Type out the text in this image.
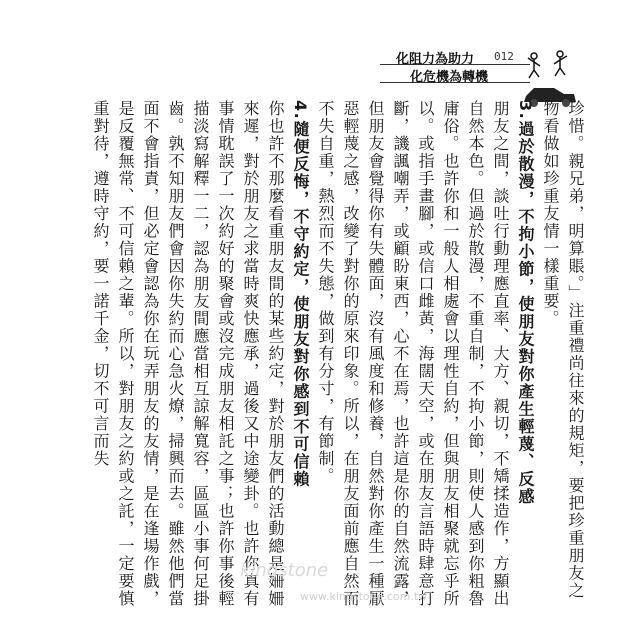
化阻力為助力 012
化危機為轉機

珍惜。親兄弟，明算賬。」注重禮尚往來的規矩，要把珍重朋友之物看做如珍重友情一樣重要。

3.過於散漫，不拘小節，使朋友對你產生輕蔑、反感

朋友之間，談吐行動理應直率、大方、親切，不矯揉造作，方顯出自然本色。但過於散漫，不重自制，不拘小節，則使人感到你粗魯庸俗。也許你和一般人相處會以理性自約，但與朋友相聚就忘乎所以。或指手畫腳，或信口雌黃，海闊天空，或在朋友言語時肆意打斷，譏諷嘲弄，或顧盼東西，心不在焉，也許這是你的自然流露，但朋友會覺得你有失體面，沒有風度和修養，自然對你產生一種厭惡輕蔑之感，改變了對你的原來印象。所以，在朋友面前應自然而不失自重，熱烈而不失態，做到有分寸，有節制。

4.隨便反悔，不守約定，使朋友對你感到不可信賴

你也許不那麼看重朋友間的某些約定，對於朋友們的活動總是姍姍來遲，對於朋友之求當時爽快應承，過後又中途變卦。也許你真有事情耽誤了一次約好的聚會或沒完成朋友相託之事；也許你事後輕描淡寫解釋一二，認為朋友間應當相互諒解寬容，區區小事何足掛齒。孰不知朋友們會因你失約而心急火燎，掃興而去。雖然他們當面不會指責，但必定會認為你在玩弄朋友的友情，是在逢場作戲，是反覆無常、不可信賴之輩。所以，對朋友之約或之託，一定要慎重對待，遵時守約，要一諾千金，切不可言而失

kingstone
www.kingstone.com.tw
